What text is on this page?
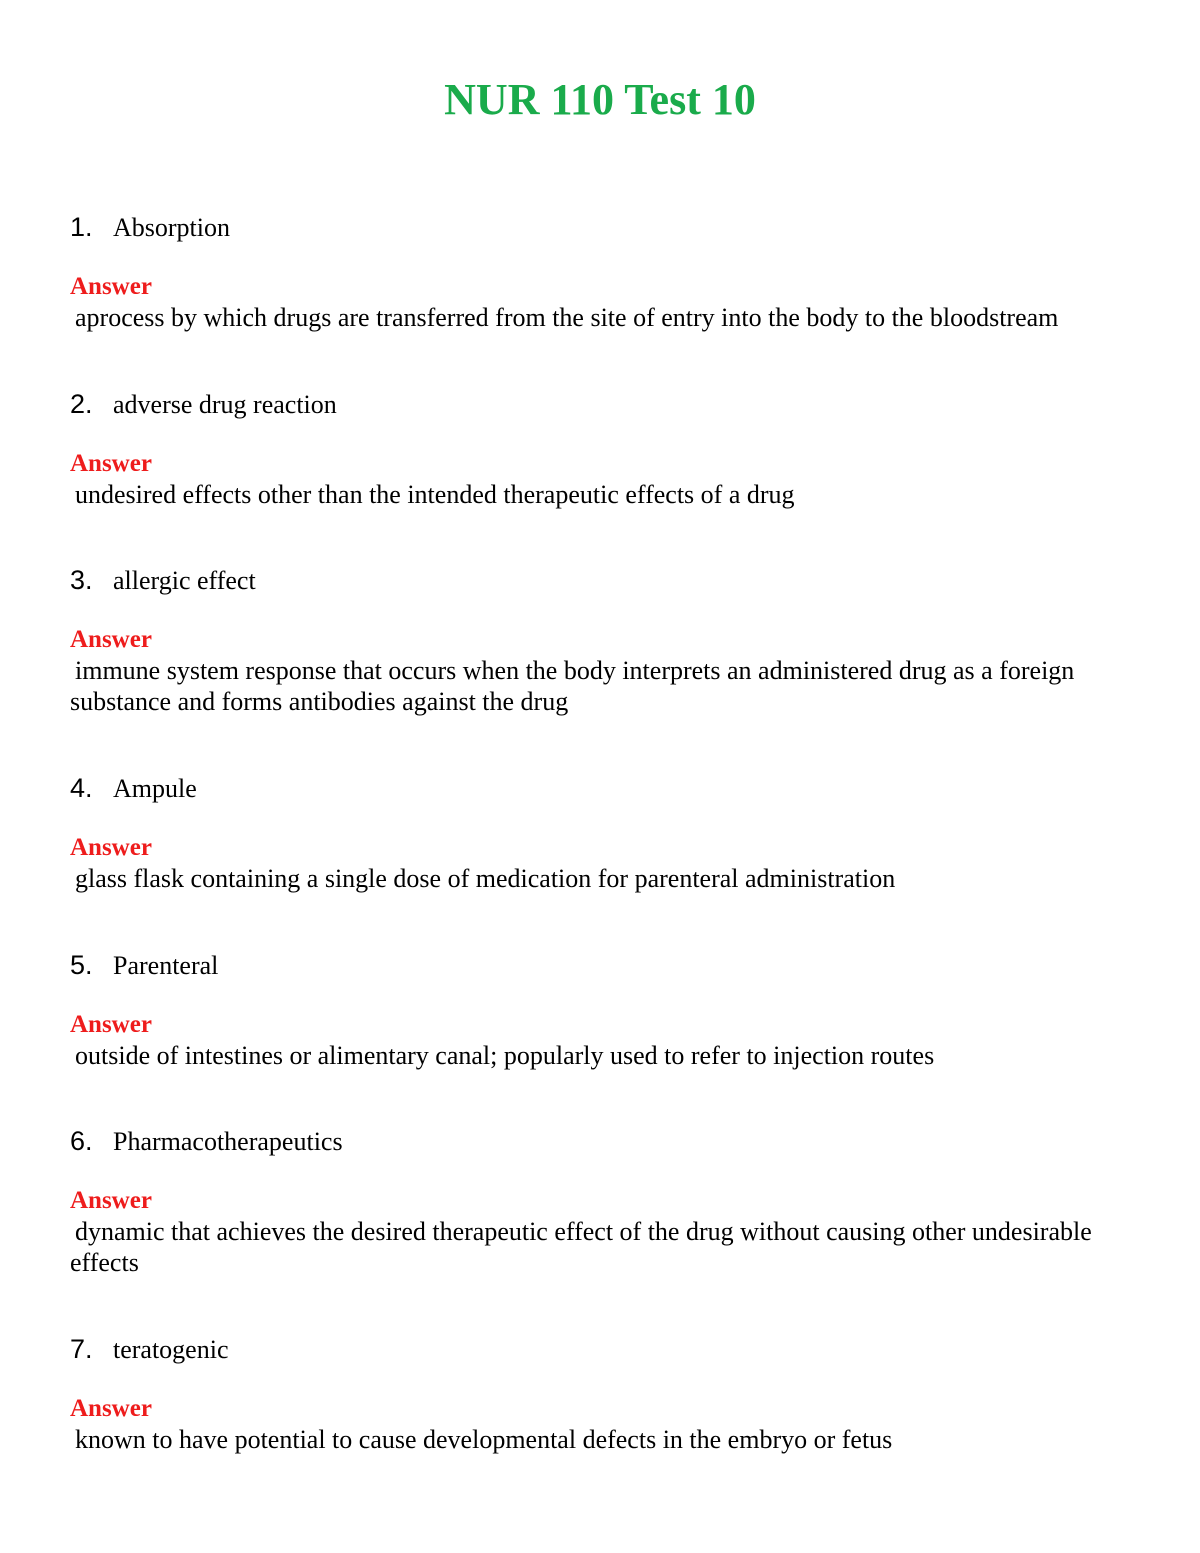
NUR 110 Test 10
1. Absorption
Answer
aprocess by which drugs are transferred from the site of entry into the body to the bloodstream
2. adverse drug reaction
Answer
undesired effects other than the intended therapeutic effects of a drug
3. allergic effect
Answer
immune system response that occurs when the body interprets an administered drug as a foreign substance and forms antibodies against the drug
4. Ampule
Answer
glass flask containing a single dose of medication for parenteral administration
5. Parenteral
Answer
outside of intestines or alimentary canal; popularly used to refer to injection routes
6. Pharmacotherapeutics
Answer
dynamic that achieves the desired therapeutic effect of the drug without causing other undesirable effects
7. teratogenic
Answer
known to have potential to cause developmental defects in the embryo or fetus
